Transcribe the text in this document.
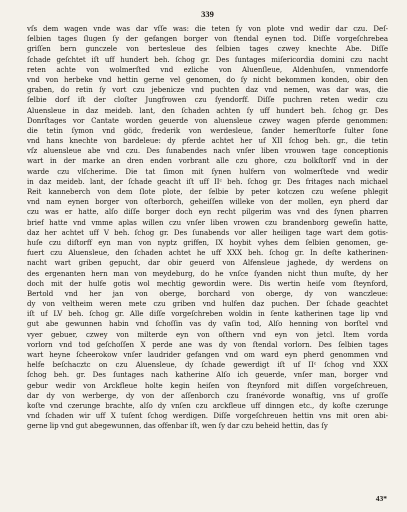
339
vſs dem wagen vnde was dar vſſe was: die teten ſy von plote vnd wedir dar czu. Deſ-
ſelbien tages ſlugen ſy der gefangen borger von ſtendal eynen tod. Diſſe vorgeſchrebea
griſſen bern gunczele von bertesleue des ſelbien tages czwey knechte Abe. Diſſe
ſchade geſchtet iſt uff hundert beh. ſchog gr. Des ſuntages miſericordia domini czu nacht
reten achte von wolmerſted vnd ezliche von Aluenſleue, Aldenhuſen, vnmendorfe
vnd von herbeke vnd hettin gerne vel genomen, do ſy nicht bekommen konden, obir den
graben, do retin ſy vort czu jebenicze vnd puchten daz vnd nemen, was dar was, die
ſelbie dorf iſt der cloſter Jungfrowen czu ſyendorff. Diſſe puchren reten wedir czu
Aluensleue in daz meideb. lant, den ſchaden achten ſy uff hundert beh. ſchog gr. Des
Donrſtages vor Cantate worden geuerde von aluensleue czwey wagen pferde genommen:
die tetin ſymon vnd gödc, frederik von werdesleue, ſander hemerſtorfe ſulter ſone
vnd hans knechte von bardeleue: dy pferde achtet her uf XII ſchog beh. gr., die tetin
vſz aluensleue abe vnd czu. Des ſunabendes nach vnſer liben vrouwen tage conceptionis
wart in der marke an dren enden vorbrant alle czu ghore, czu bolkſtorff vnd in der
warde czu vlſcherime. Die tat ſimon mit ſynen hulfern von wolmerſtede vnd wedir
in daz meideb. lant, der ſchade geacht iſt uff IIᶜ beh. ſchog gr. Des fritages nach michael
Reit kanneberch von dem ſlote plote, der ſelbie by peter kotczen czu weſene phlegit
vnd nam eynen borger von oſterborch, geheiſſen willeke von der mollen, eyn pherd dar
czu was er hatte, alſo diſſe borger doch eyn recht pilgerim was vnd des ſynen pharren
brief hatte vnd vmme aplas willen czu vnſer liben vrowen czu brandenborg geweſin hatte,
daz her achtet uff V beh. ſchog gr. Des ſunabends vor aller heiligen tage wart dem gotis-
huſe czu diſtorff eyn man von nyptz griffen, IX hoybit vyhes dem ſelbien genomen, ge-
fuert czu Aluensleue, den ſchaden achtet he uff XXX beh. ſchog gr. In deſte katherinen-
nacht wart griben gepucht, dar obir geuerd von Alfensleue jaghede, dy werdens on
des ergenanten hern man von meydeburg, do he vnſce ſyanden nicht thun muſte, dy her
doch mit der hulfe gotis wol mechtig gewordin were. Dis wertin heiſe vom ſteynford,
Bertold vnd her jan von oberge, borchard von oberge, dy von wanczleue:
dy von veltheim weren mete czu griben vnd hulfen daz puchen. Der ſchade geachtet
iſt uf LV beh. ſchog gr. Alle diſſe vorgeſchreben woldin in ſente katherinen tage lip vnd
gut abe gewunnen habin vnd ſchoſſin vas dy vaſin tod, Alſo henning von borſtel vnd
vyer gebuer, czwey von milterde eyn von oſthern vnd eyn von jetcl. Item vorda
vorlorn vnd tod geſchoſſen X perde ane was dy von ſtendal vorlorn. Des ſelbien tages
wart heyne ſcheerokow vnſer laudrider gefangen vnd om ward eyn pherd genommen vnd
helfe beſchacztc on czu Aluensleue, dy ſchade gewerdigt iſt uf IIᶜ ſchog vnd XXX
ſchog beh. gr. Des ſuntages nach katherine Alſo ich geuerde, vnſer man, borger vnd
gebur wedir von Arckfleue holte kegin heiſen von ſteynford mit diſſen vorgeſchreuen,
dar dy von werberge, dy von der aſſenborch czu ſranévorde wonaftig, vns uf groſſe
koſte vnd czerunge brachte, alſo dy vnſen czu arckfleue uff dinngen etc., dy koſte czerunge
vnd ſchaden wir uff X tuſent ſchog werdigen. Diſſe vorgeſchreuen hettin vns mit oren abi-
gerne lip vnd gut abegewunnen, das offenbar iſt, wen ſy dar czu beheid hettin, das ſy
43*
